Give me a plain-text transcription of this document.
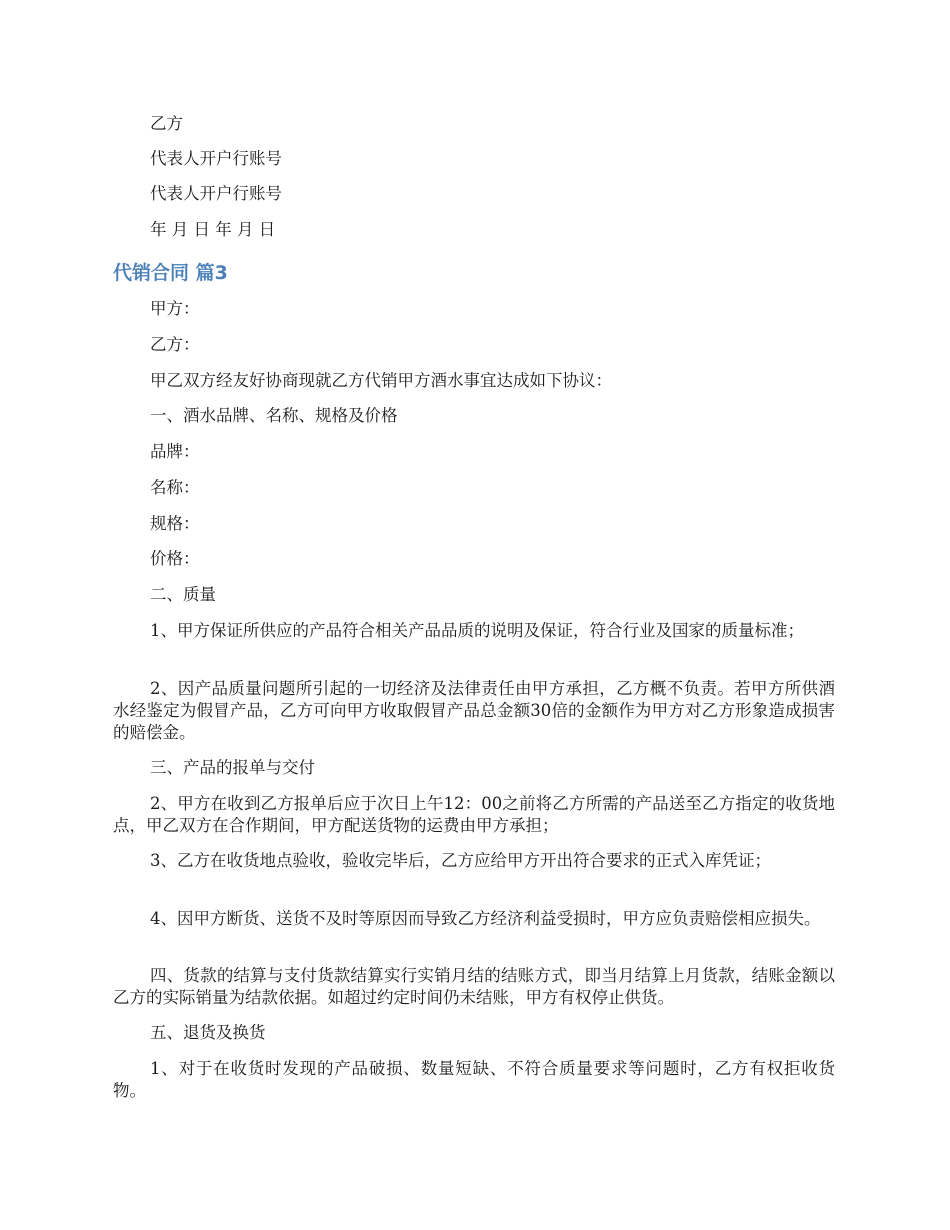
乙方
代表人开户行账号
代表人开户行账号
年 月 日 年 月 日
代销合同 篇3
甲方：
乙方：
甲乙双方经友好协商现就乙方代销甲方酒水事宜达成如下协议：
一、酒水品牌、名称、规格及价格
品牌：
名称：
规格：
价格：
二、质量
1、甲方保证所供应的产品符合相关产品品质的说明及保证，符合行业及国家的质量标准；
2、因产品质量问题所引起的一切经济及法律责任由甲方承担，乙方概不负责。若甲方所供酒水经鉴定为假冒产品，乙方可向甲方收取假冒产品总金额30倍的金额作为甲方对乙方形象造成损害的赔偿金。
三、产品的报单与交付
2、甲方在收到乙方报单后应于次日上午12：00之前将乙方所需的产品送至乙方指定的收货地点，甲乙双方在合作期间，甲方配送货物的运费由甲方承担；
3、乙方在收货地点验收，验收完毕后，乙方应给甲方开出符合要求的正式入库凭证；
4、因甲方断货、送货不及时等原因而导致乙方经济利益受损时，甲方应负责赔偿相应损失。
四、货款的结算与支付货款结算实行实销月结的结账方式，即当月结算上月货款，结账金额以乙方的实际销量为结款依据。如超过约定时间仍未结账，甲方有权停止供货。
五、退货及换货
1、对于在收货时发现的产品破损、数量短缺、不符合质量要求等问题时，乙方有权拒收货物。
